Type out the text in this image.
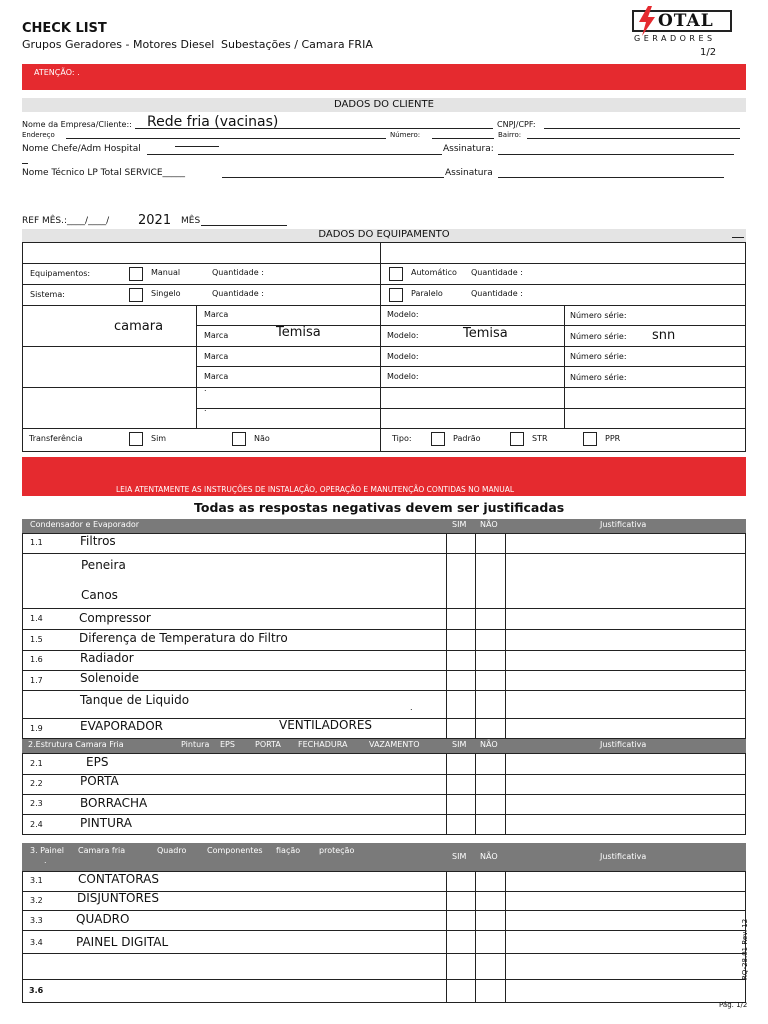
CHECK LIST
Grupos Geradores - Motores Diesel Subestações / Camara FRIA
OTAL
GERADORES
1/2
ATENÇÃO: .
DADOS DO CLIENTE
Nome da Empresa/Cliente:: Rede fria (vacinas)	CNPJ/CPF:
Endereço	Número:	Bairro:
Nome Chefe/Adm Hospital	Assinatura:
Nome Técnico LP Total SERVICE_____	Assinatura
REF MÊS.:____/____/ 2021 MÊS
DADOS DO EQUIPAMENTO
Equipamentos:	Manual	Quantidade :	Automático Quantidade :
Sistema:	Singelo	Quantidade :	Paralelo	Quantidade :
camara
Marca	Modelo:	Número série:
Marca	Temisa	Modelo:	Temisa	Número série: snn
Marca	Modelo:	Número série:
Marca	Modelo:	Número série:
.
.
Transferência	Sim	Não	Tipo:	Padrão	STR	PPR
LEIA ATENTAMENTE AS INSTRUÇÕES DE INSTALAÇÃO, OPERAÇÃO E MANUTENÇÃO CONTIDAS NO MANUAL
Todas as respostas negativas devem ser justificadas
Condensador e Evaporador	SIM NÃO	Justificativa
1.1	Filtros
Peneira
Canos
1.4	Compressor
1.5	Diferença de Temperatura do Filtro
1.6	Radiador
1.7	Solenoide
Tanque de Liquido
.
1.9	EVAPORADOR	VENTILADORES
2.Estrutura Camara Fria	Pintura EPS	PORTA FECHADURA	VAZAMENTO	SIM NÃO	Justificativa
2.1	EPS
2.2	PORTA
2.3	BORRACHA
2.4	PINTURA
3. Painel Camara fria	Quadro	Componentes fiação proteção
.	SIM NÃO	Justificativa
3.1	CONTATORAS
3.2	DISJUNTORES
3.3	QUADRO
3.4	PAINEL DIGITAL
3.6
RQ-28.01 Rev. 12
Pág. 1/2
